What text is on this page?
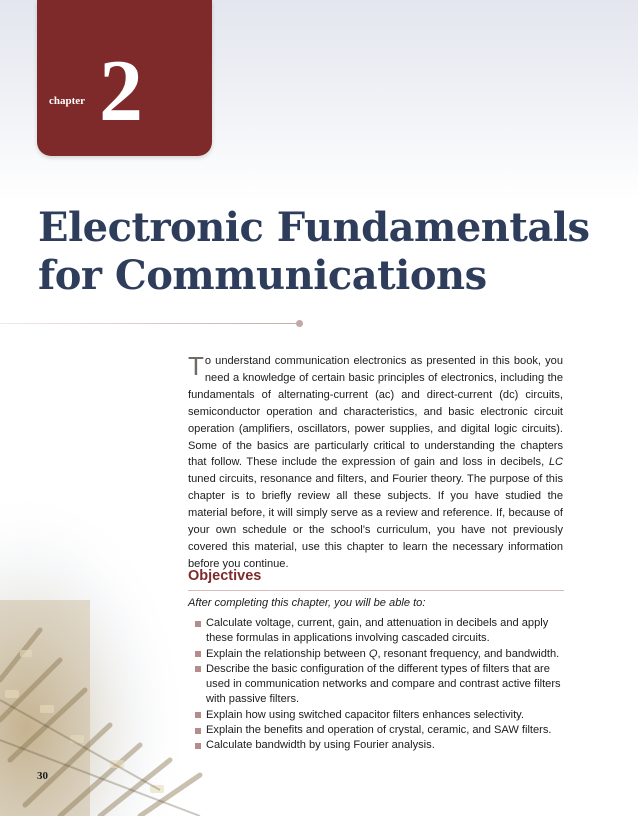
chapter 2
Electronic Fundamentals
for Communications

To understand communication electronics as presented in this book, you need a knowledge of certain basic principles of electronics, including the fundamentals of alternating-current (ac) and direct-current (dc) circuits, semiconductor operation and characteristics, and basic electronic circuit operation (amplifiers, oscillators, power supplies, and digital logic circuits). Some of the basics are particularly critical to understanding the chapters that follow. These include the expression of gain and loss in decibels, LC tuned circuits, resonance and filters, and Fourier theory. The purpose of this chapter is to briefly review all these subjects. If you have studied the material before, it will simply serve as a review and reference. If, because of your own schedule or the school’s curriculum, you have not previously covered this material, use this chapter to learn the necessary information before you continue.

Objectives

After completing this chapter, you will be able to:

Calculate voltage, current, gain, and attenuation in decibels and apply these formulas in applications involving cascaded circuits.
Explain the relationship between Q, resonant frequency, and bandwidth.
Describe the basic configuration of the different types of filters that are used in communication networks and compare and contrast active filters with passive filters.
Explain how using switched capacitor filters enhances selectivity.
Explain the benefits and operation of crystal, ceramic, and SAW filters.
Calculate bandwidth by using Fourier analysis.
30
